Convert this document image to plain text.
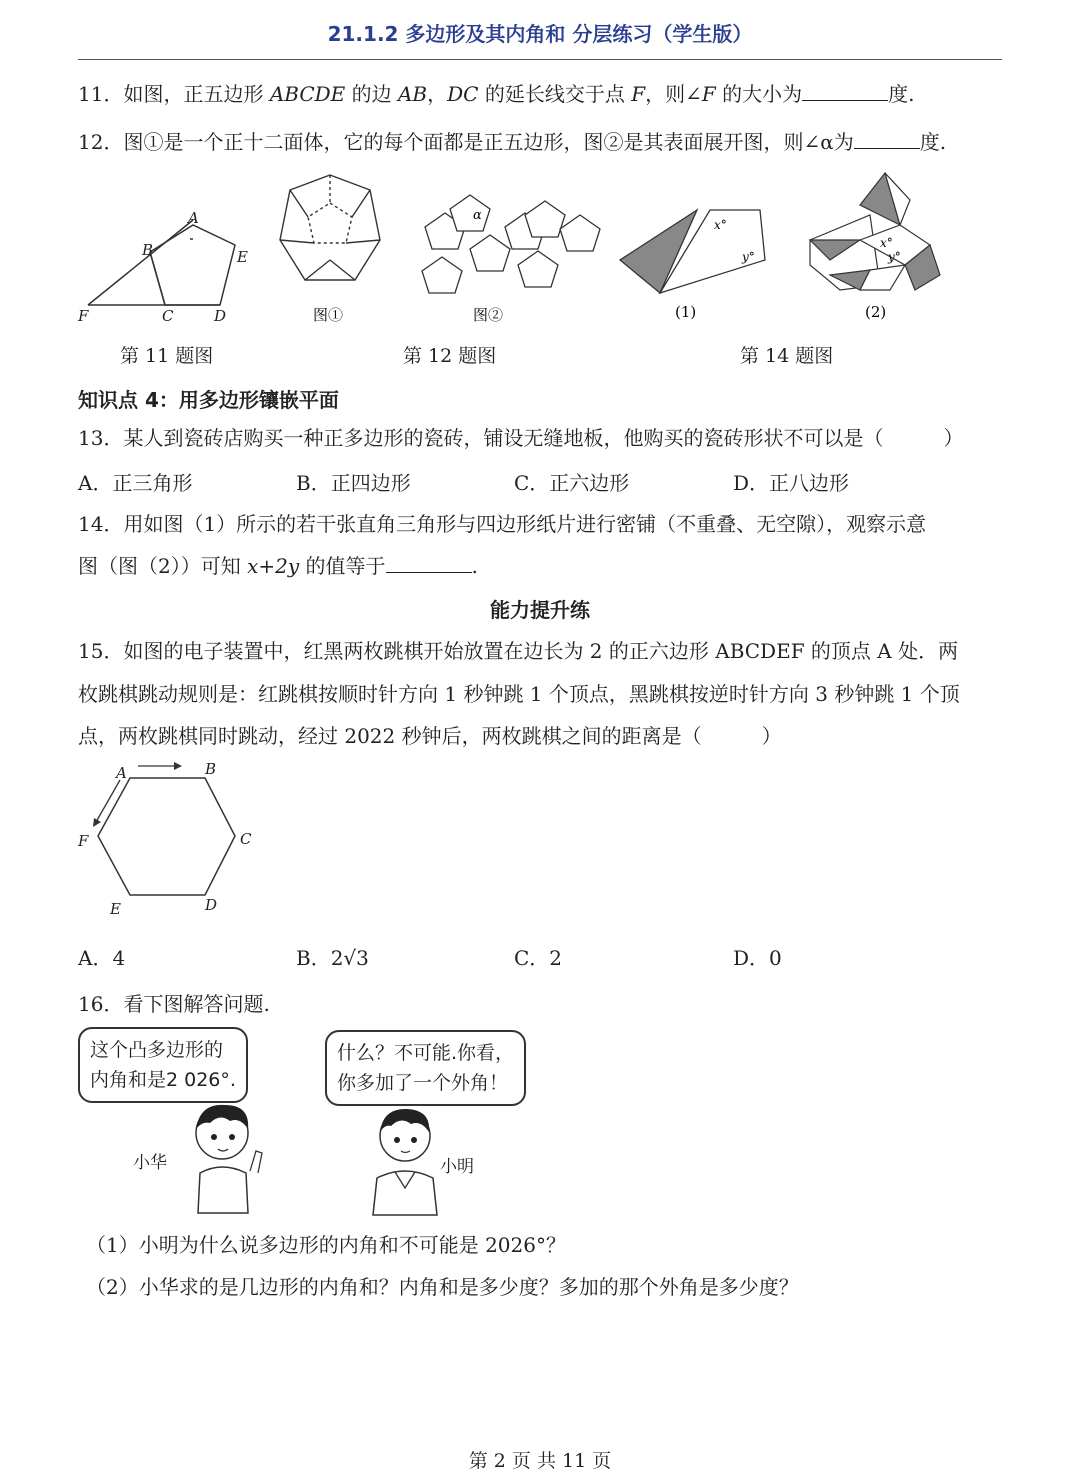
21.1.2 多边形及其内角和 分层练习（学生版）
11．如图，正五边形 ABCDE 的边 AB，DC 的延长线交于点 F，则∠F 的大小为	度.
12．图①是一个正十二面体，它的每个面都是正五边形，图②是其表面展开图，则∠α为	度.
A
B
C	D
E
F	图①
α
图②
x°
y°
(1)
x°
y°
(2)
第 11 题图	第 12 题图	第 14 题图
知识点 4：用多边形镶嵌平面
13．某人到瓷砖店购买一种正多边形的瓷砖，铺设无缝地板，他购买的瓷砖形状不可以是（　　　）
A．正三角形	B．正四边形	C．正六边形	D．正八边形
14．用如图（1）所示的若干张直角三角形与四边形纸片进行密铺（不重叠、无空隙），观察示意
图（图（2））可知 x+2y 的值等于	.
能力提升练
15．如图的电子装置中，红黑两枚跳棋开始放置在边长为 2 的正六边形 ABCDEF 的顶点 A 处．两
枚跳棋跳动规则是：红跳棋按顺时针方向 1 秒钟跳 1 个顶点，黑跳棋按逆时针方向 3 秒钟跳 1 个顶
点，两枚跳棋同时跳动，经过 2022 秒钟后，两枚跳棋之间的距离是（　　　）
A	B
C
D
E
F
A．4	B．2√3	C．2	D．0
16．看下图解答问题.
这个凸多边形的
内角和是2 026°.
什么？不可能.你看，
你多加了一个外角！
小华	小明
（1）小明为什么说多边形的内角和不可能是 2026°？
（2）小华求的是几边形的内角和？内角和是多少度？多加的那个外角是多少度？
第 2 页 共 11 页
